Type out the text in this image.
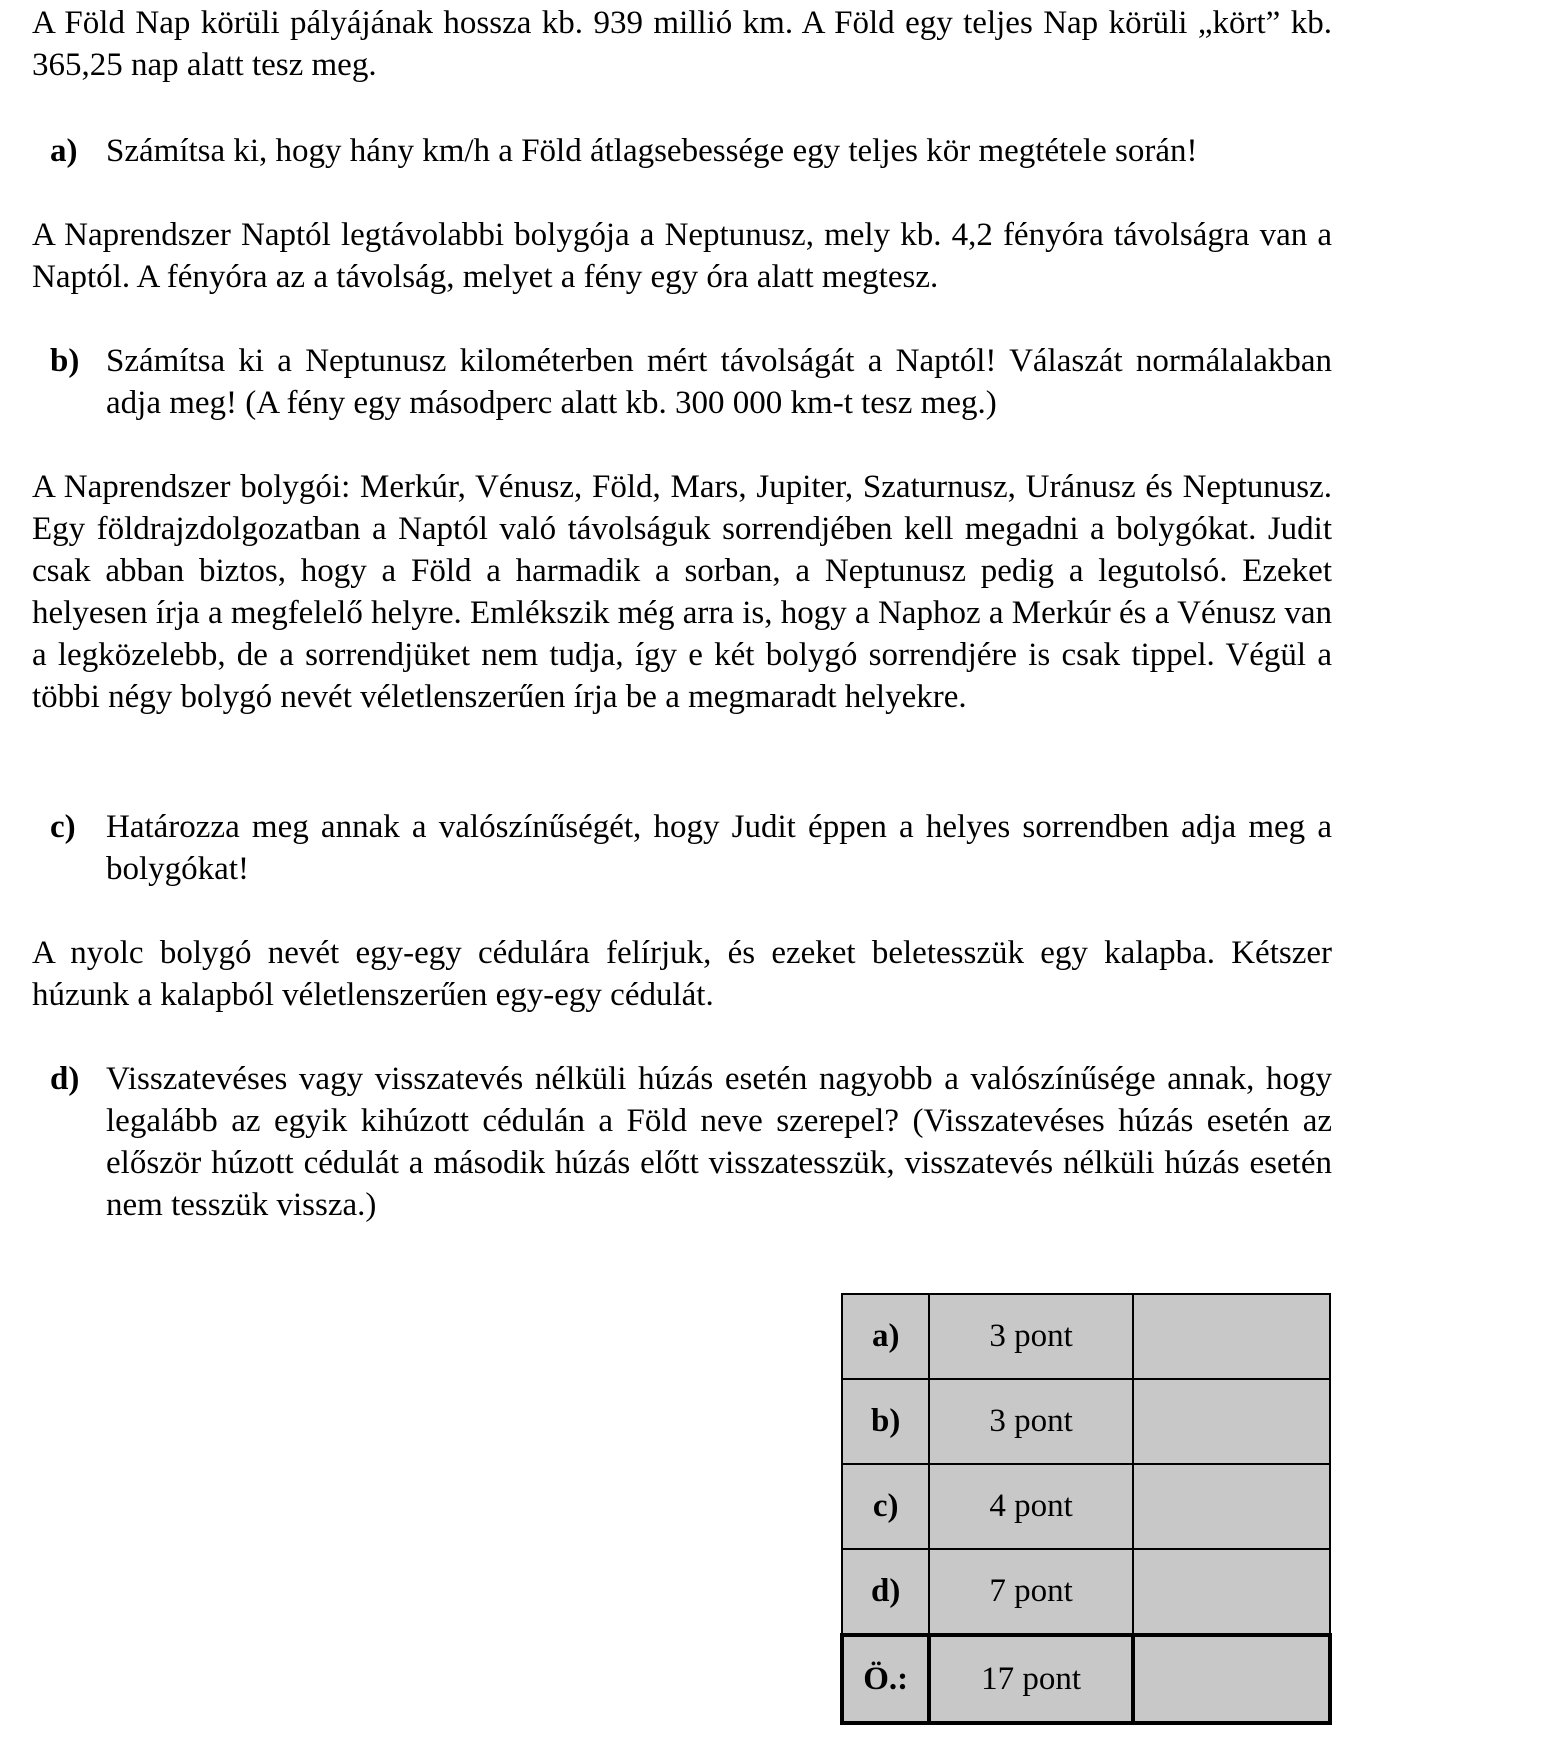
A Föld Nap körüli pályájának hossza kb. 939 millió km. A Föld egy teljes Nap körüli „kört” kb. 365,25 nap alatt tesz meg.

a) Számítsa ki, hogy hány km/h a Föld átlagsebessége egy teljes kör megtétele során!

A Naprendszer Naptól legtávolabbi bolygója a Neptunusz, mely kb. 4,2 fényóra távolságra van a Naptól. A fényóra az a távolság, melyet a fény egy óra alatt megtesz.

b) Számítsa ki a Neptunusz kilométerben mért távolságát a Naptól! Válaszát normálalakban adja meg! (A fény egy másodperc alatt kb. 300 000 km-t tesz meg.)

A Naprendszer bolygói: Merkúr, Vénusz, Föld, Mars, Jupiter, Szaturnusz, Uránusz és Neptunusz. Egy földrajzdolgozatban a Naptól való távolságuk sorrendjében kell megadni a bolygókat. Judit csak abban biztos, hogy a Föld a harmadik a sorban, a Neptunusz pedig a legutolsó. Ezeket helyesen írja a megfelelő helyre. Emlékszik még arra is, hogy a Naphoz a Merkúr és a Vénusz van a legközelebb, de a sorrendjüket nem tudja, így e két bolygó sorrendjére is csak tippel. Végül a többi négy bolygó nevét véletlenszerűen írja be a megmaradt helyekre.

c) Határozza meg annak a valószínűségét, hogy Judit éppen a helyes sorrendben adja meg a bolygókat!

A nyolc bolygó nevét egy-egy cédulára felírjuk, és ezeket beletesszük egy kalapba. Kétszer húzunk a kalapból véletlenszerűen egy-egy cédulát.

d) Visszatevéses vagy visszatevés nélküli húzás esetén nagyobb a valószínűsége annak, hogy legalább az egyik kihúzott cédulán a Föld neve szerepel? (Visszatevéses húzás esetén az először húzott cédulát a második húzás előtt visszatesszük, visszatevés nélküli húzás esetén nem tesszük vissza.)
a)	3 pont	
b)	3 pont	
c)	4 pont	
d)	7 pont	
Ö.:	17 pont	
